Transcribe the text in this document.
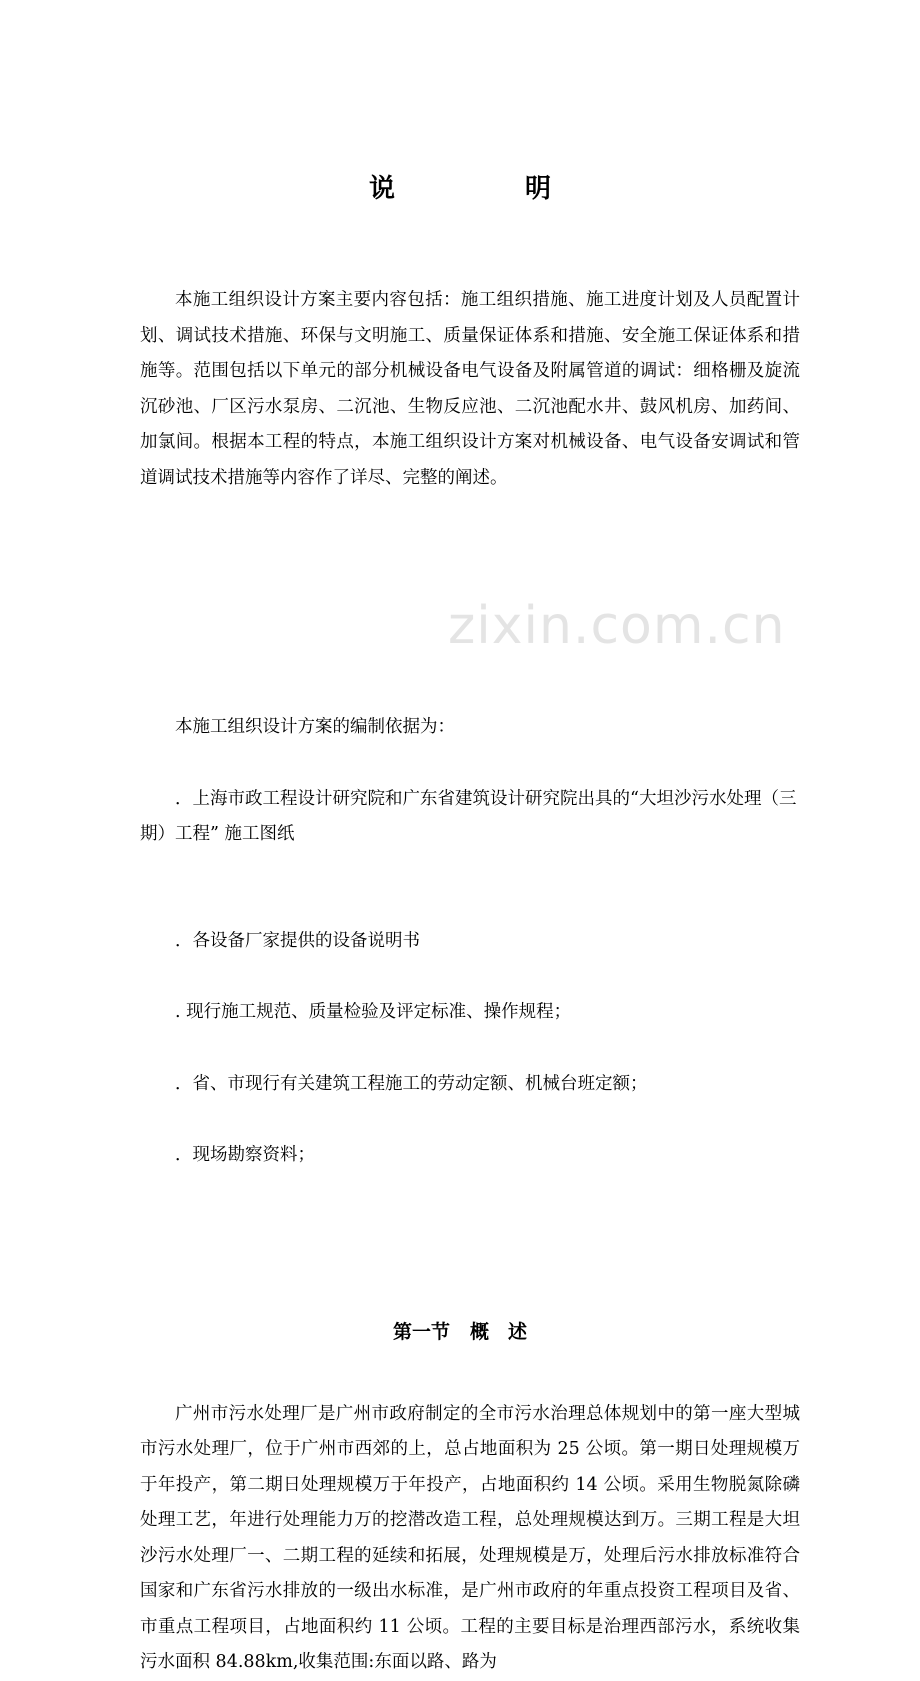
zixin.com.cn
说　明

本施工组织设计方案主要内容包括：施工组织措施、施工进度计划及人员配置计划、调试技术措施、环保与文明施工、质量保证体系和措施、安全施工保证体系和措施等。范围包括以下单元的部分机械设备电气设备及附属管道的调试：细格栅及旋流沉砂池、厂区污水泵房、二沉池、生物反应池、二沉池配水井、鼓风机房、加药间、加氯间。根据本工程的特点，本施工组织设计方案对机械设备、电气设备安调试和管道调试技术措施等内容作了详尽、完整的阐述。

本施工组织设计方案的编制依据为：

．上海市政工程设计研究院和广东省建筑设计研究院出具的“大坦沙污水处理（三期）工程” 施工图纸

．各设备厂家提供的设备说明书

. 现行施工规范、质量检验及评定标准、操作规程；

．省、市现行有关建筑工程施工的劳动定额、机械台班定额；

．现场勘察资料；

第一节 概　述

广州市污水处理厂是广州市政府制定的全市污水治理总体规划中的第一座大型城市污水处理厂，位于广州市西郊的上，总占地面积为 25 公顷。第一期日处理规模万于年投产，第二期日处理规模万于年投产，占地面积约 14 公顷。采用生物脱氮除磷处理工艺，年进行处理能力万的挖潜改造工程，总处理规模达到万。三期工程是大坦沙污水处理厂一、二期工程的延续和拓展，处理规模是万，处理后污水排放标准符合国家和广东省污水排放的一级出水标准，是广州市政府的年重点投资工程项目及省、市重点工程项目，占地面积约 11 公顷。工程的主要目标是治理西部污水，系统收集污水面积 84.88km,收集范围:东面以路、路为
